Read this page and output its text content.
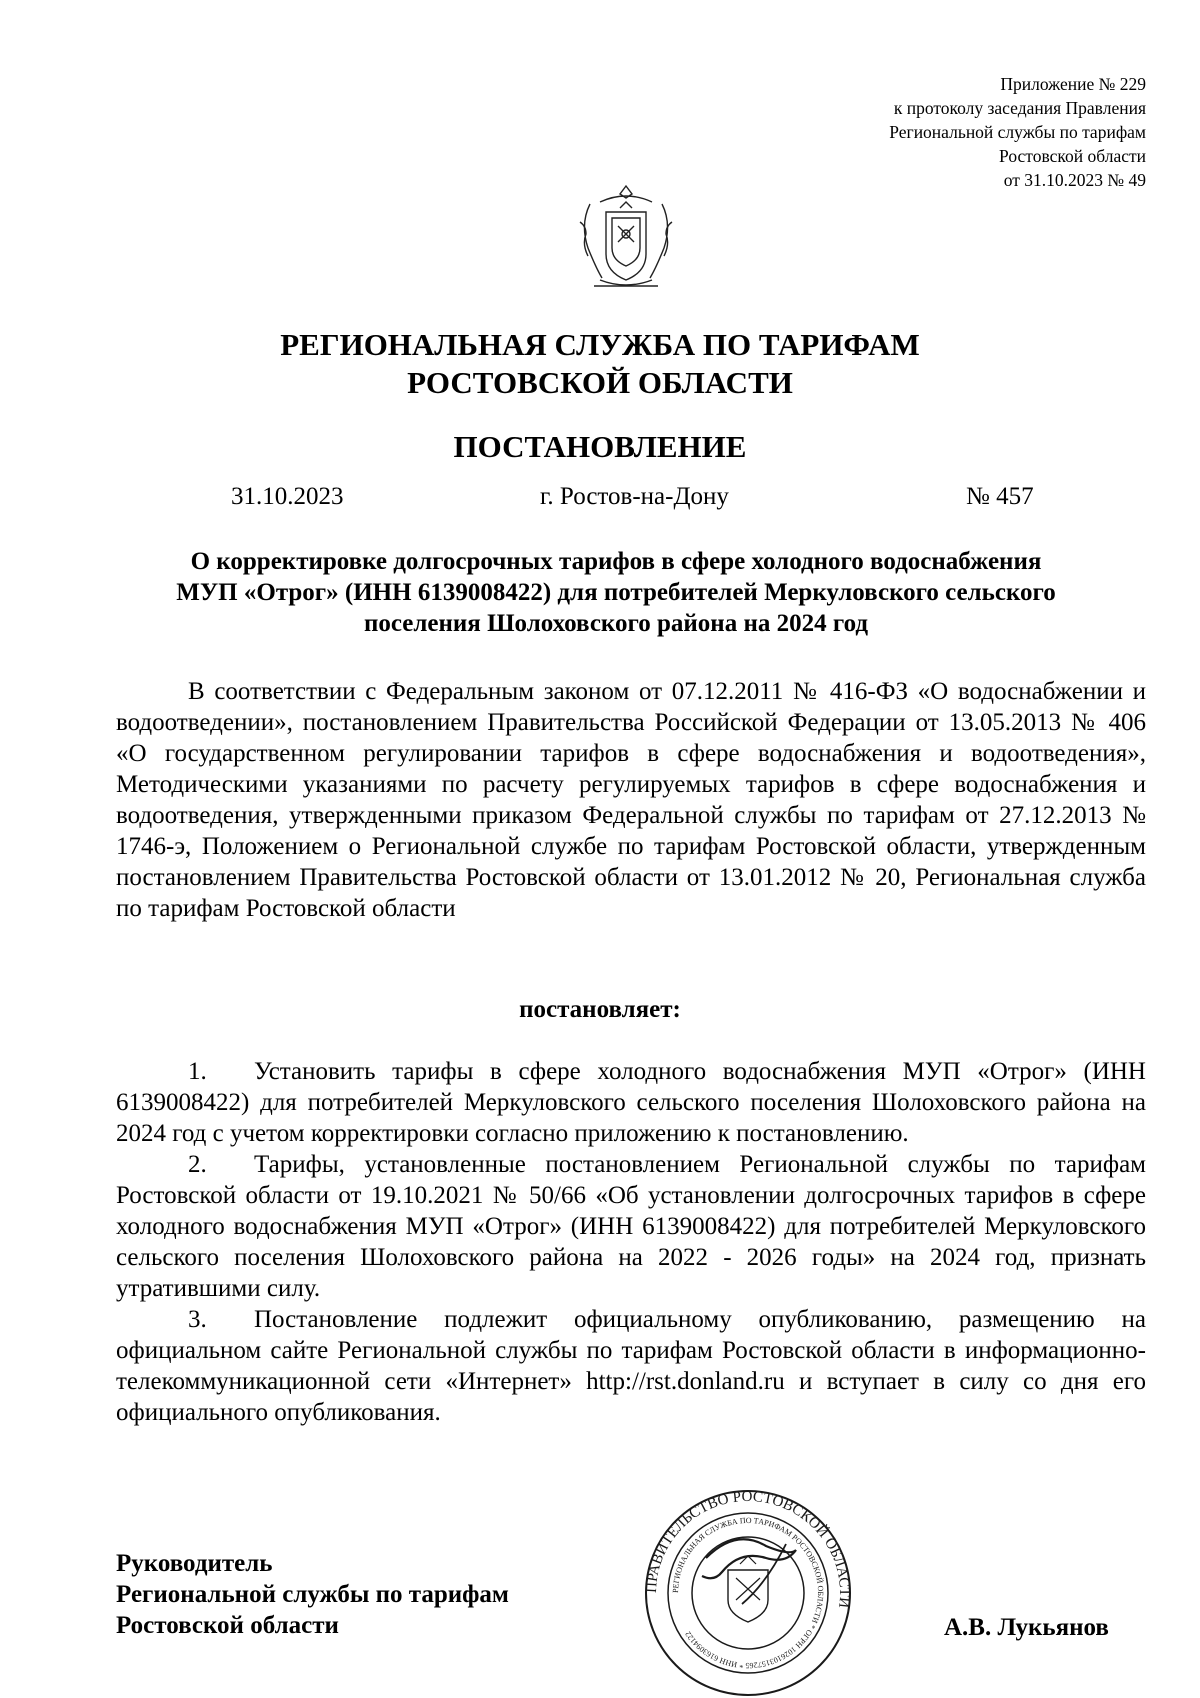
Приложение № 229
к протоколу заседания Правления
Региональной службы по тарифам
Ростовской области
от 31.10.2023 № 49
РЕГИОНАЛЬНАЯ СЛУЖБА ПО ТАРИФАМ
РОСТОВСКОЙ ОБЛАСТИ
ПОСТАНОВЛЕНИЕ
31.10.2023	г. Ростов-на-Дону	№ 457
О корректировке долгосрочных тарифов в сфере холодного водоснабжения
МУП «Отрог» (ИНН 6139008422) для потребителей Меркуловского сельского
поселения Шолоховского района на 2024 год

В соответствии с Федеральным законом от 07.12.2011 № 416-ФЗ «О водоснабжении и водоотведении», постановлением Правительства Российской Федерации от 13.05.2013 № 406 «О государственном регулировании тарифов в сфере водоснабжения и водоотведения», Методическими указаниями по расчету регулируемых тарифов в сфере водоснабжения и водоотведения, утвержденными приказом Федеральной службы по тарифам от 27.12.2013 № 1746-э, Положением о Региональной службе по тарифам Ростовской области, утвержденным постановлением Правительства Ростовской области от 13.01.2012 № 20, Региональная служба по тарифам Ростовской области

постановляет:

1. Установить тарифы в сфере холодного водоснабжения МУП «Отрог» (ИНН 6139008422) для потребителей Меркуловского сельского поселения Шолоховского района на 2024 год с учетом корректировки согласно приложению к постановлению.

2. Тарифы, установленные постановлением Региональной службы по тарифам Ростовской области от 19.10.2021 № 50/66 «Об установлении долгосрочных тарифов в сфере холодного водоснабжения МУП «Отрог» (ИНН 6139008422) для потребителей Меркуловского сельского поселения Шолоховского района на 2022 - 2026 годы» на 2024 год, признать утратившими силу.

3. Постановление подлежит официальному опубликованию, размещению на официальном сайте Региональной службы по тарифам Ростовской области в информационно-телекоммуникационной сети «Интернет» http://rst.donland.ru и вступает в силу со дня его официального опубликования.

ПРАВИТЕЛЬСТВО РОСТОВСКОЙ ОБЛАСТИ
РЕГИОНАЛЬНАЯ СЛУЖБА ПО ТАРИФАМ РОСТОВСКОЙ ОБЛАСТИ * ОГРН 1026103157265 * ИНН 6163094122
Руководитель
Региональной службы по тарифам
Ростовской области	А.В. Лукьянов
